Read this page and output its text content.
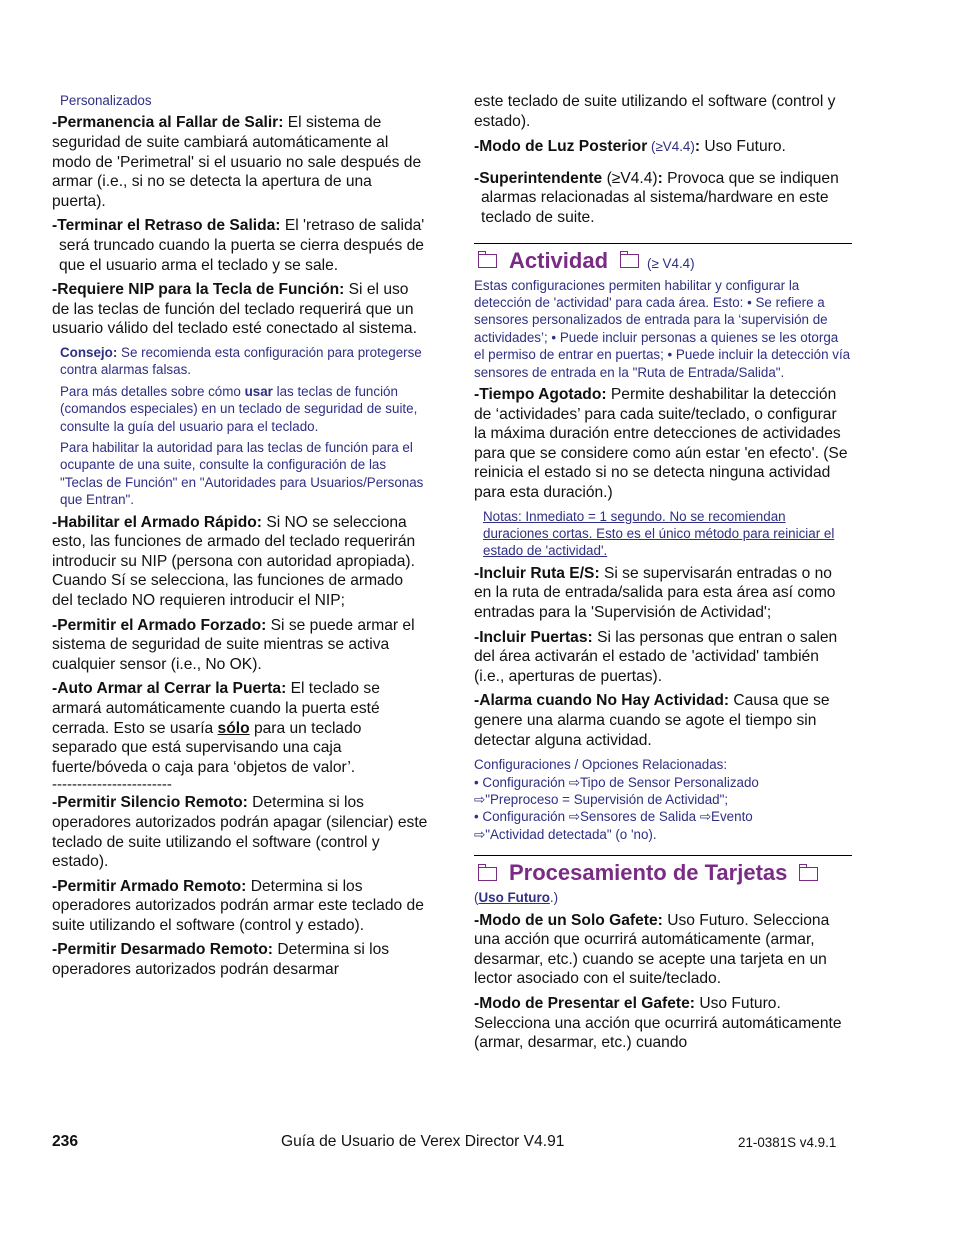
Personalizados

-Permanencia al Fallar de Salir: El sistema de seguridad de suite cambiará automáticamente al modo de 'Perimetral' si el usuario no sale después de armar (i.e., si no se detecta la apertura de una puerta).

-Terminar el Retraso de Salida: El 'retraso de salida' será truncado cuando la puerta se cierra después de que el usuario arma el teclado y se sale.

-Requiere NIP para la Tecla de Función: Si el uso de las teclas de función del teclado requerirá que un usuario válido del teclado esté conectado al sistema.

Consejo: Se recomienda esta configuración para protegerse contra alarmas falsas.
Para más detalles sobre cómo usar las teclas de función (comandos especiales) en un teclado de seguridad de suite, consulte la guía del usuario para el teclado.
Para habilitar la autoridad para las teclas de función para el ocupante de una suite, consulte la configuración de las "Teclas de Función" en "Autoridades para Usuarios/Personas que Entran".

-Habilitar el Armado Rápido: Si NO se selecciona esto, las funciones de armado del teclado requerirán introducir su NIP (persona con autoridad apropiada). Cuando Sí se selecciona, las funciones de armado del teclado NO requieren introducir el NIP;

-Permitir el Armado Forzado: Si se puede armar el sistema de seguridad de suite mientras se activa cualquier sensor (i.e., No OK).

-Auto Armar al Cerrar la Puerta: El teclado se armará automáticamente cuando la puerta esté cerrada. Esto se usaría sólo para un teclado separado que está supervisando una caja fuerte/bóveda o caja para ‘objetos de valor’.

------------------------

-Permitir Silencio Remoto: Determina si los operadores autorizados podrán apagar (silenciar) este teclado de suite utilizando el software (control y estado).

-Permitir Armado Remoto: Determina si los operadores autorizados podrán armar este teclado de suite utilizando el software (control y estado).

-Permitir Desarmado Remoto: Determina si los operadores autorizados podrán desarmar

este teclado de suite utilizando el software (control y estado).

-Modo de Luz Posterior (≥V4.4): Uso Futuro.

-Superintendente (≥V4.4): Provoca que se indiquen alarmas relacionadas al sistema/hardware en este teclado de suite.

Actividad	(≥ V4.4)
Estas configuraciones permiten habilitar y configurar la detección de 'actividad' para cada área. Esto: • Se refiere a sensores personalizados de entrada para la ‘supervisión de actividades’; • Puede incluir personas a quienes se les otorga el permiso de entrar en puertas; • Puede incluir la detección vía sensores de entrada en la "Ruta de Entrada/Salida".

-Tiempo Agotado: Permite deshabilitar la detección de ‘actividades’ para cada suite/teclado, o configurar la máxima duración entre detecciones de actividades para que se considere como aún estar 'en efecto'. (Se reinicia el estado si no se detecta ninguna actividad para esta duración.)

Notas: Inmediato = 1 segundo. No se recomiendan duraciones cortas. Esto es el único método para reiniciar el estado de 'actividad'.

-Incluir Ruta E/S: Si se supervisarán entradas o no en la ruta de entrada/salida para esta área así como entradas para la 'Supervisión de Actividad';

-Incluir Puertas: Si las personas que entran o salen del área activarán el estado de 'actividad' también (i.e., aperturas de puertas).

-Alarma cuando No Hay Actividad: Causa que se genere una alarma cuando se agote el tiempo sin detectar alguna actividad.

Configuraciones / Opciones Relacionadas:
• Configuración ⇨Tipo de Sensor Personalizado
⇨"Preproceso = Supervisión de Actividad";
• Configuración ⇨Sensores de Salida ⇨Evento
⇨"Actividad detectada" (o 'no).
Procesamiento de Tarjetas
(Uso Futuro.)

-Modo de un Solo Gafete: Uso Futuro. Selecciona una acción que ocurrirá automáticamente (armar, desarmar, etc.) cuando se acepte una tarjeta en un lector asociado con el suite/teclado.

-Modo de Presentar el Gafete: Uso Futuro. Selecciona una acción que ocurrirá automáticamente (armar, desarmar, etc.) cuando

236	Guía de Usuario de Verex Director V4.91	21-0381S v4.9.1
